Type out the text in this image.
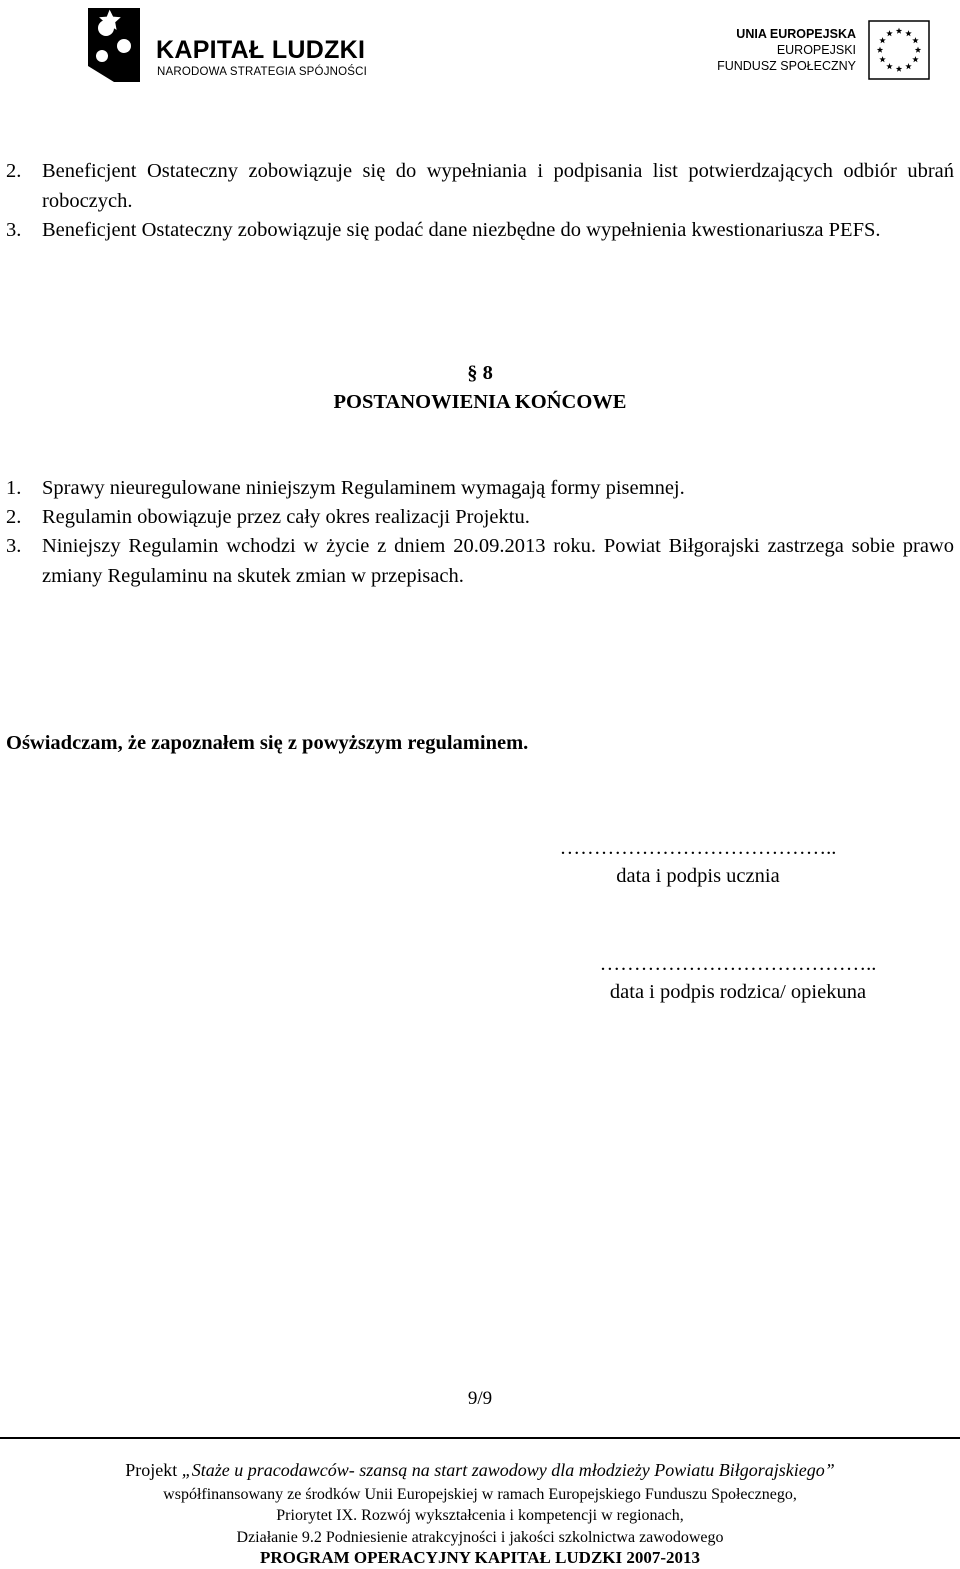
KAPITAŁ LUDZKI
NARODOWA STRATEGIA SPÓJNOŚCI
UNIA EUROPEJSKA
EUROPEJSKI
FUNDUSZ SPOŁECZNY
2. Beneficjent Ostateczny zobowiązuje się do wypełniania i podpisania list potwierdzających odbiór ubrań roboczych.
3. Beneficjent Ostateczny zobowiązuje się podać dane niezbędne do wypełnienia kwestionariusza PEFS.
§ 8
POSTANOWIENIA KOŃCOWE
1. Sprawy nieuregulowane niniejszym Regulaminem wymagają formy pisemnej.
2. Regulamin obowiązuje przez cały okres realizacji Projektu.
3. Niniejszy Regulamin wchodzi w życie z dniem 20.09.2013 roku. Powiat Biłgorajski zastrzega sobie prawo zmiany Regulaminu na skutek zmian w przepisach.
Oświadczam, że zapoznałem się z powyższym regulaminem.
…………………………………..
data i podpis ucznia
…………………………………..
data i podpis rodzica/ opiekuna
9/9
Projekt „Staże u pracodawców- szansą na start zawodowy dla młodzieży Powiatu Biłgorajskiego”
współfinansowany ze środków Unii Europejskiej w ramach Europejskiego Funduszu Społecznego,
Priorytet IX. Rozwój wykształcenia i kompetencji w regionach,
Działanie 9.2 Podniesienie atrakcyjności i jakości szkolnictwa zawodowego
PROGRAM OPERACYJNY KAPITAŁ LUDZKI 2007-2013
